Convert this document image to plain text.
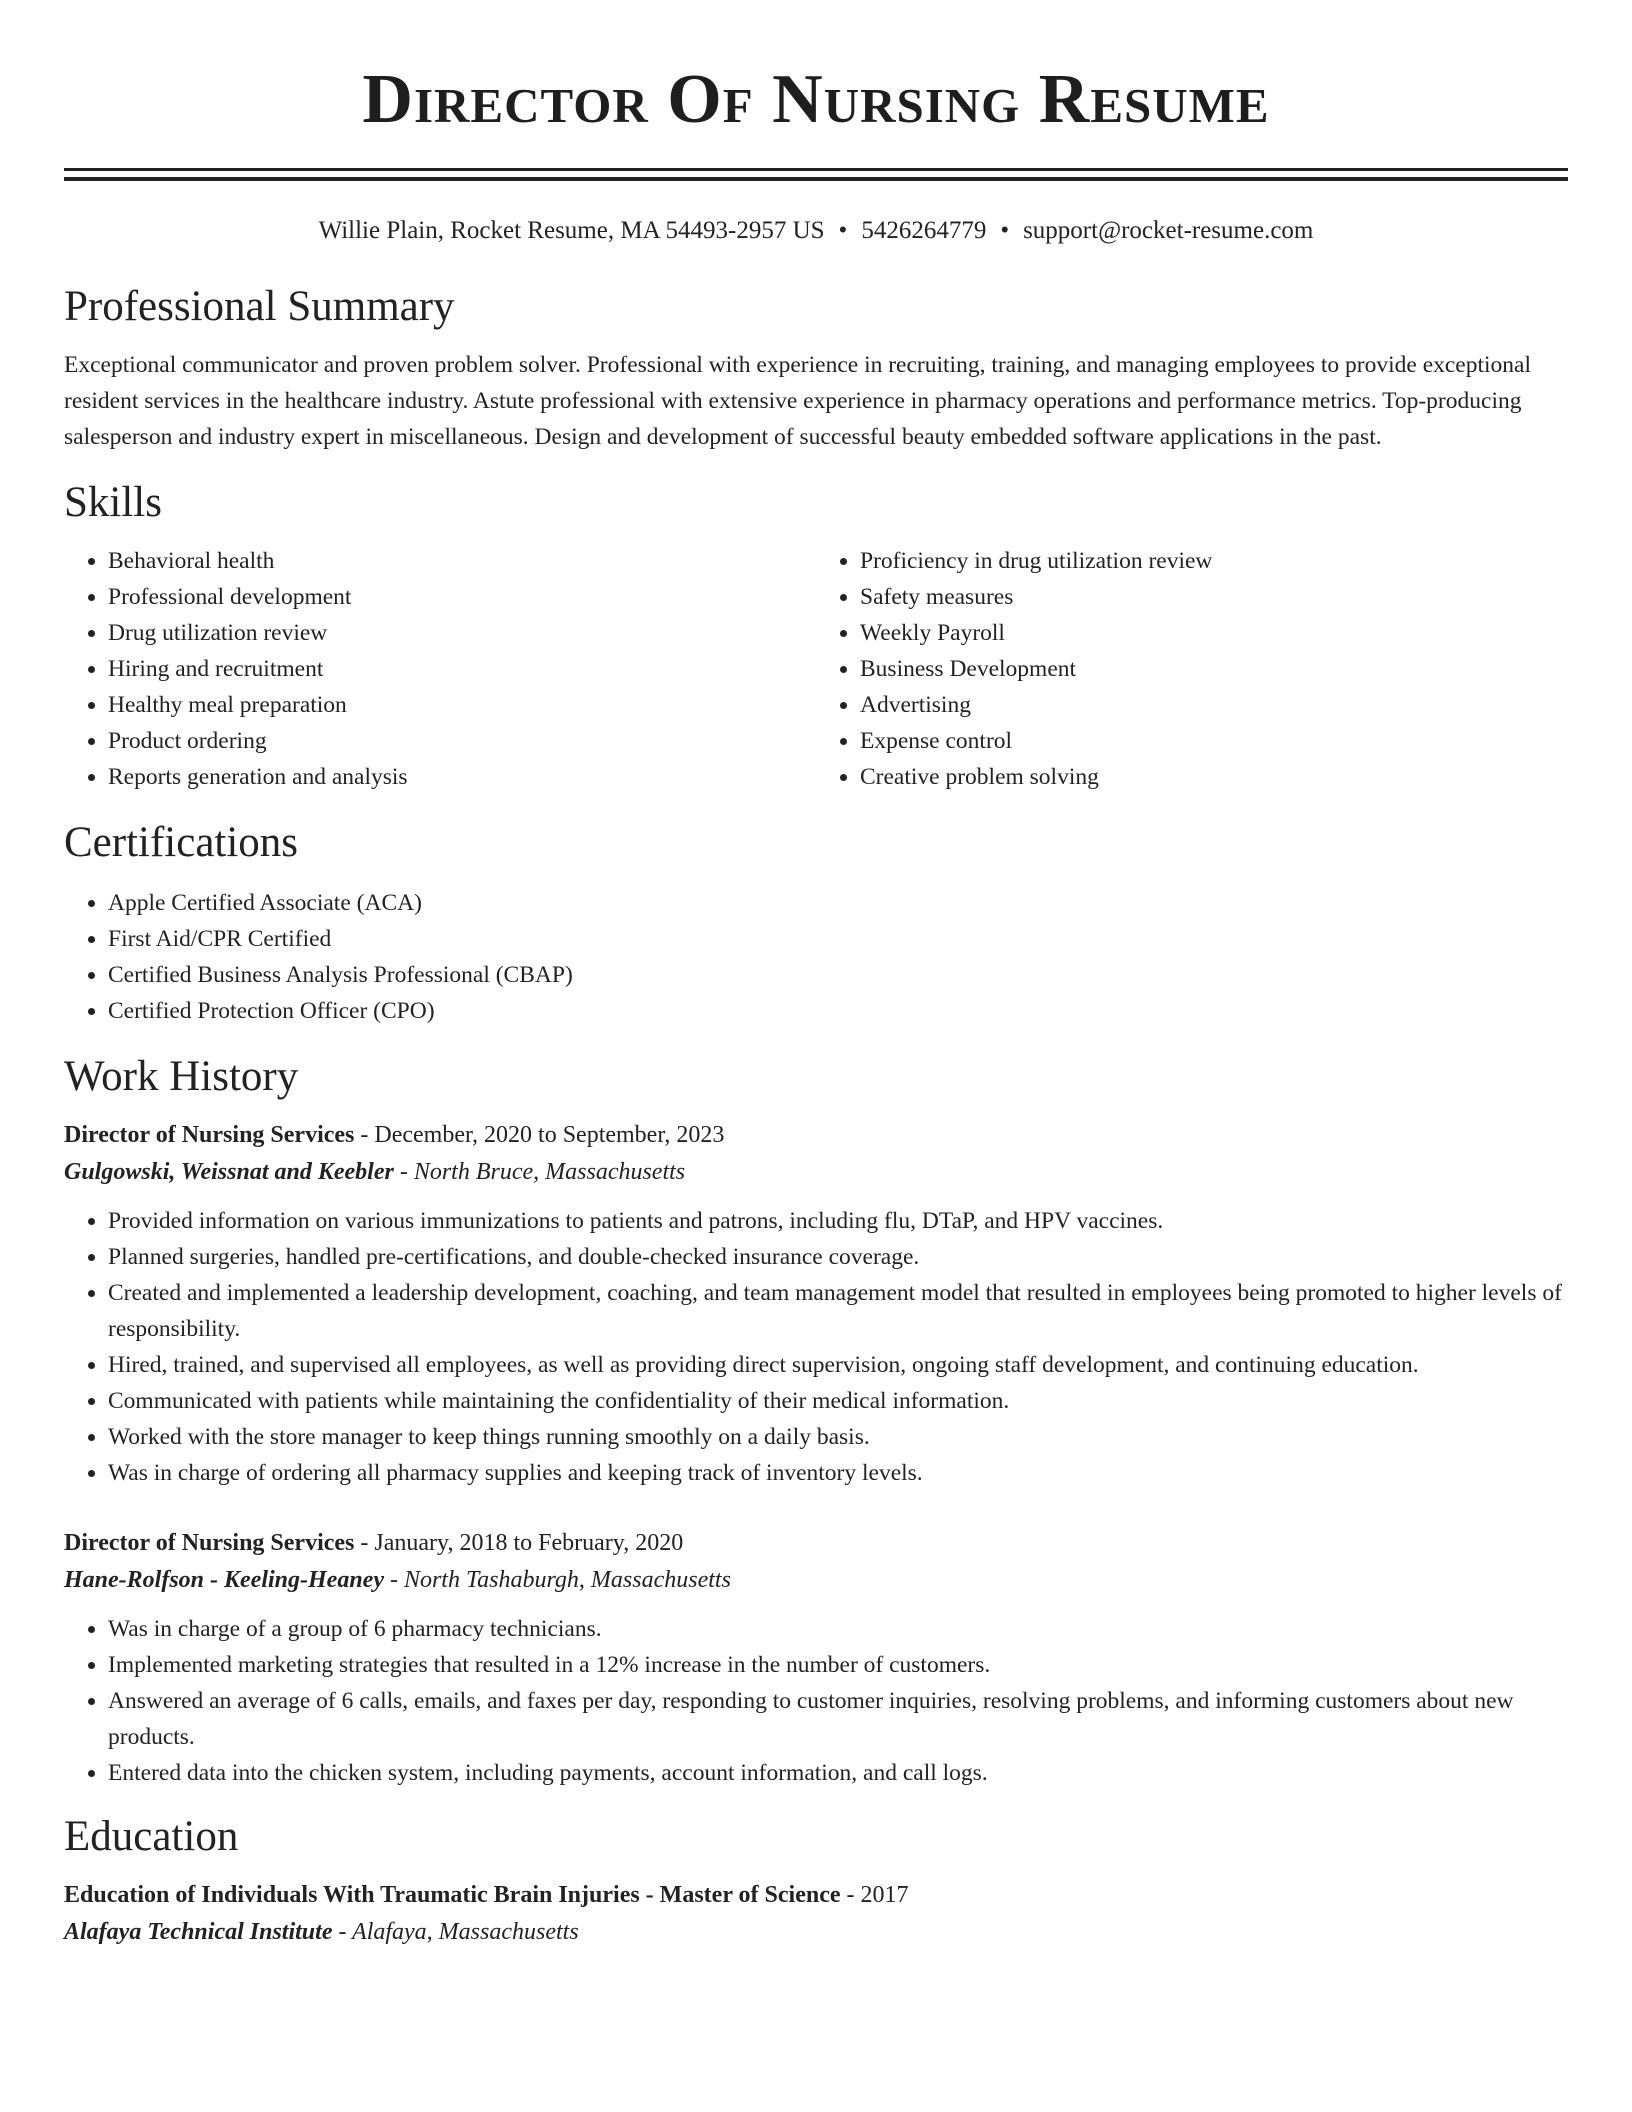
Director Of Nursing Resume
Willie Plain, Rocket Resume, MA 54493-2957 US • 5426264779 • support@rocket-resume.com
Professional Summary

Exceptional communicator and proven problem solver. Professional with experience in recruiting, training, and managing employees to provide exceptional resident services in the healthcare industry. Astute professional with extensive experience in pharmacy operations and performance metrics. Top-producing salesperson and industry expert in miscellaneous. Design and development of successful beauty embedded software applications in the past.

Skills
• Behavioral health
• Professional development
• Drug utilization review
• Hiring and recruitment
• Healthy meal preparation
• Product ordering
• Reports generation and analysis
• Proficiency in drug utilization review
• Safety measures
• Weekly Payroll
• Business Development
• Advertising
• Expense control
• Creative problem solving
Certifications
• Apple Certified Associate (ACA)
• First Aid/CPR Certified
• Certified Business Analysis Professional (CBAP)
• Certified Protection Officer (CPO)
Work History
Director of Nursing Services - December, 2020 to September, 2023
Gulgowski, Weissnat and Keebler - North Bruce, Massachusetts
• Provided information on various immunizations to patients and patrons, including flu, DTaP, and HPV vaccines.
• Planned surgeries, handled pre-certifications, and double-checked insurance coverage.
• Created and implemented a leadership development, coaching, and team management model that resulted in employees being promoted to higher levels of responsibility.
• Hired, trained, and supervised all employees, as well as providing direct supervision, ongoing staff development, and continuing education.
• Communicated with patients while maintaining the confidentiality of their medical information.
• Worked with the store manager to keep things running smoothly on a daily basis.
• Was in charge of ordering all pharmacy supplies and keeping track of inventory levels.
Director of Nursing Services - January, 2018 to February, 2020
Hane-Rolfson - Keeling-Heaney - North Tashaburgh, Massachusetts
• Was in charge of a group of 6 pharmacy technicians.
• Implemented marketing strategies that resulted in a 12% increase in the number of customers.
• Answered an average of 6 calls, emails, and faxes per day, responding to customer inquiries, resolving problems, and informing customers about new products.
• Entered data into the chicken system, including payments, account information, and call logs.
Education
Education of Individuals With Traumatic Brain Injuries - Master of Science - 2017
Alafaya Technical Institute - Alafaya, Massachusetts
